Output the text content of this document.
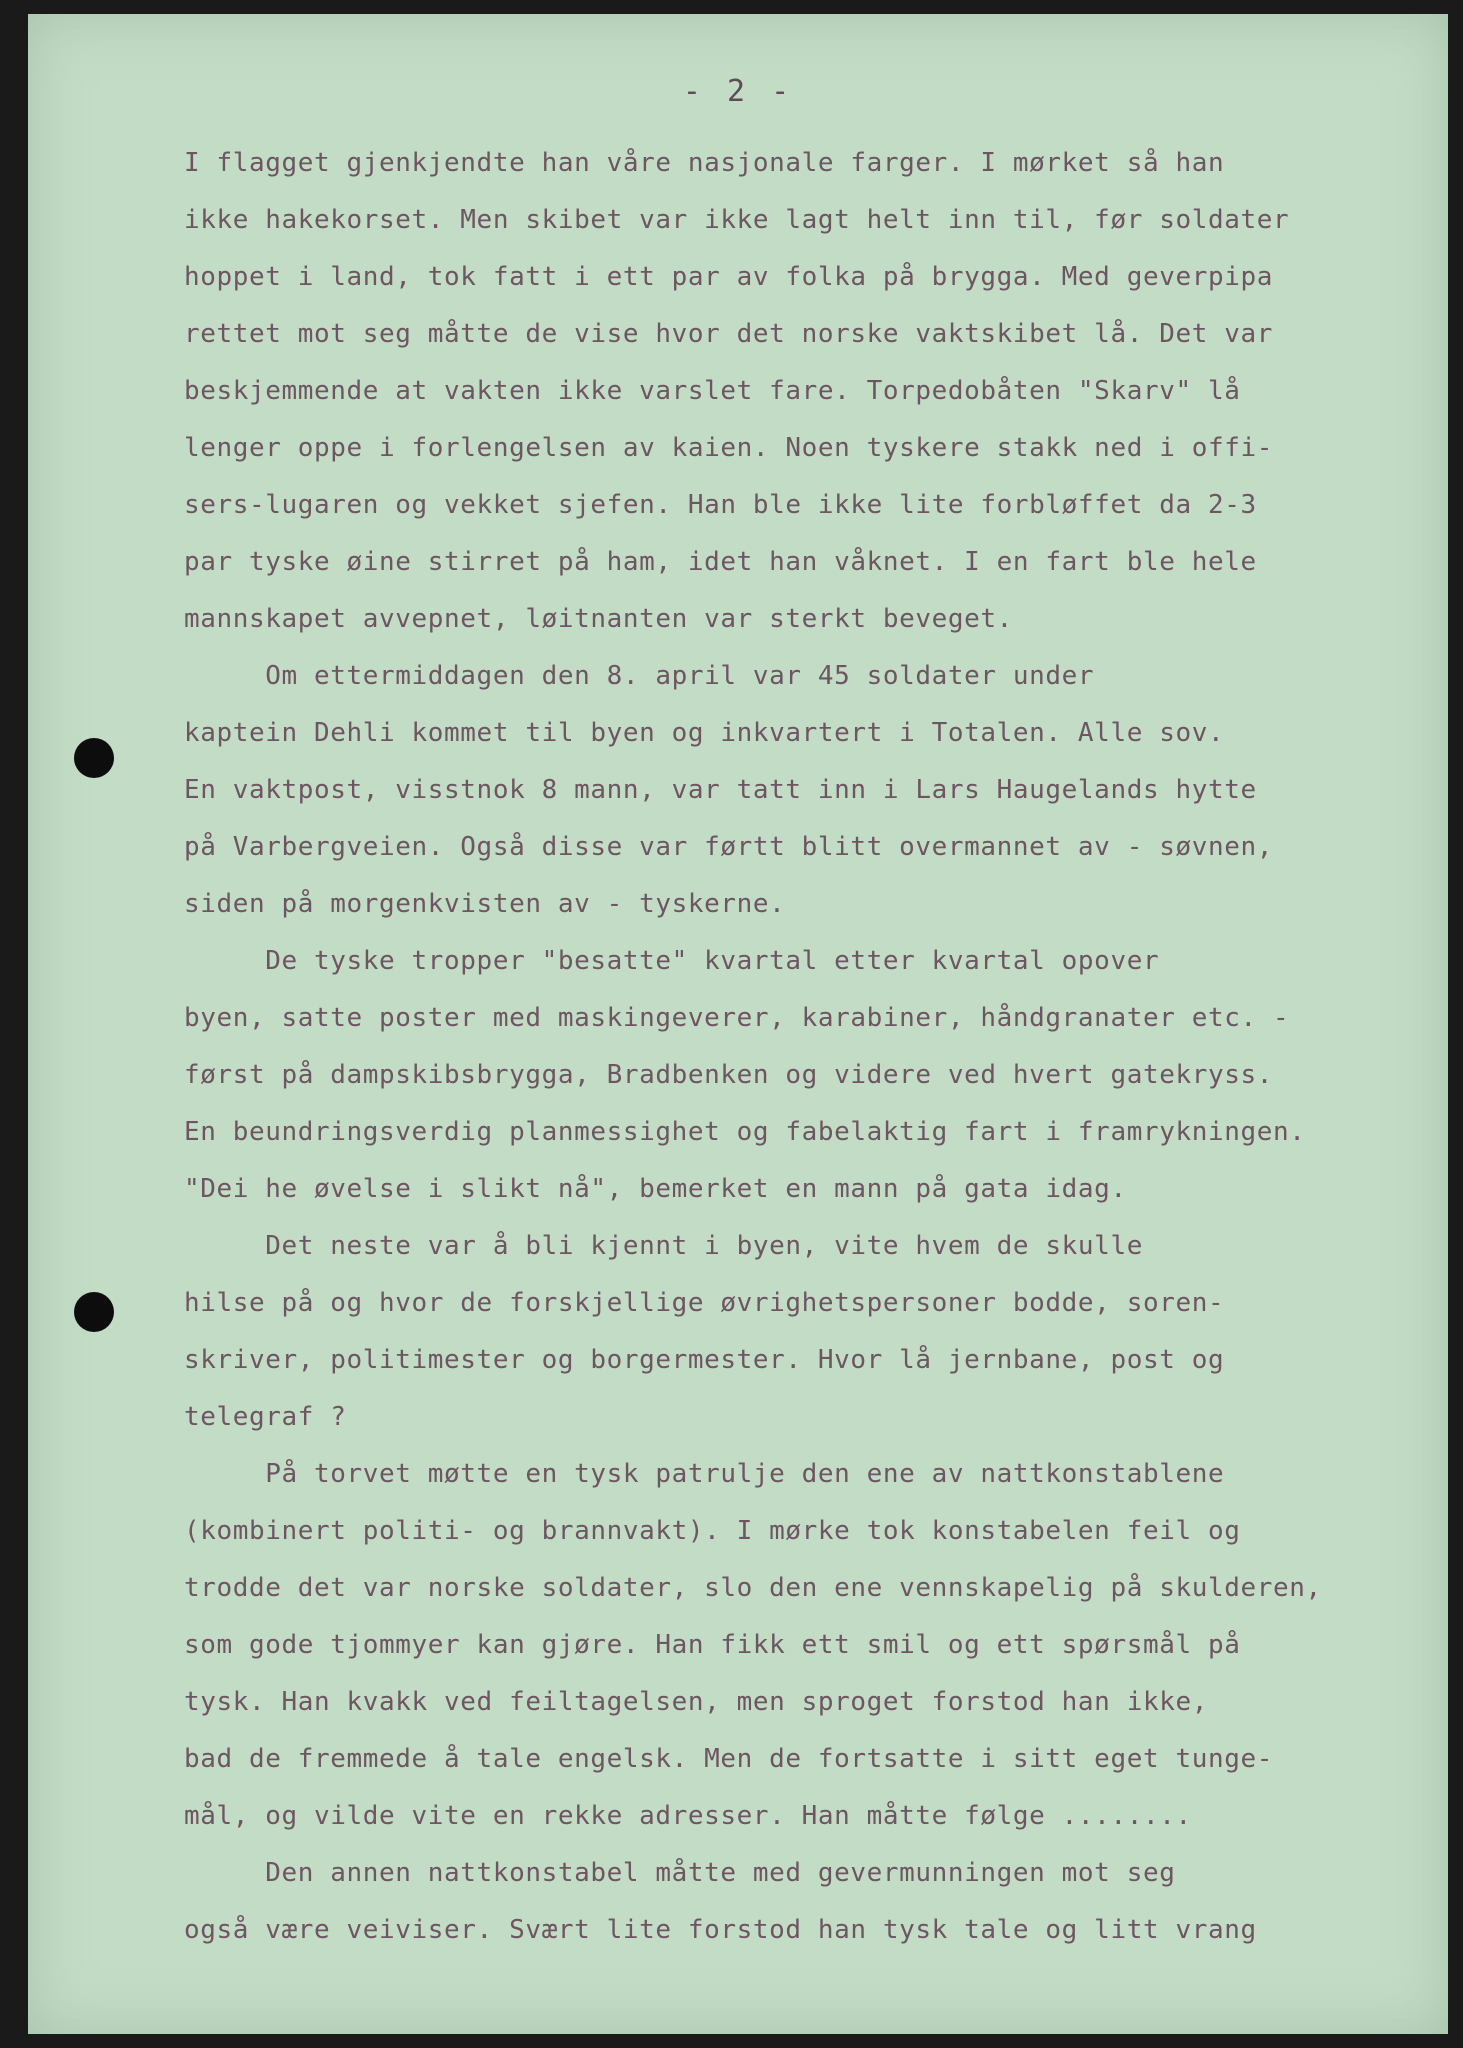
- 2 -
I flagget gjenkjendte han våre nasjonale farger. I mørket så han
ikke hakekorset. Men skibet var ikke lagt helt inn til, før soldater
hoppet i land, tok fatt i ett par av folka på brygga. Med geverpipa
rettet mot seg måtte de vise hvor det norske vaktskibet lå. Det var
beskjemmende at vakten ikke varslet fare. Torpedobåten "Skarv" lå
lenger oppe i forlengelsen av kaien. Noen tyskere stakk ned i offi-
sers-lugaren og vekket sjefen. Han ble ikke lite forbløffet da 2-3
par tyske øine stirret på ham, idet han våknet. I en fart ble hele
mannskapet avvepnet, løitnanten var sterkt beveget.
Om ettermiddagen den 8. april var 45 soldater under
kaptein Dehli kommet til byen og inkvartert i Totalen. Alle sov.
En vaktpost, visstnok 8 mann, var tatt inn i Lars Haugelands hytte
på Varbergveien. Også disse var førtt blitt overmannet av - søvnen,
siden på morgenkvisten av - tyskerne.
De tyske tropper "besatte" kvartal etter kvartal opover
byen, satte poster med maskingeverer, karabiner, håndgranater etc. -
først på dampskibsbrygga, Bradbenken og videre ved hvert gatekryss.
En beundringsverdig planmessighet og fabelaktig fart i framrykningen.
"Dei he øvelse i slikt nå", bemerket en mann på gata idag.
Det neste var å bli kjennt i byen, vite hvem de skulle
hilse på og hvor de forskjellige øvrighetspersoner bodde, soren-
skriver, politimester og borgermester. Hvor lå jernbane, post og
telegraf ?
På torvet møtte en tysk patrulje den ene av nattkonstablene
(kombinert politi- og brannvakt). I mørke tok konstabelen feil og
trodde det var norske soldater, slo den ene vennskapelig på skulderen,
som gode tjommyer kan gjøre. Han fikk ett smil og ett spørsmål på
tysk. Han kvakk ved feiltagelsen, men sproget forstod han ikke,
bad de fremmede å tale engelsk. Men de fortsatte i sitt eget tunge-
mål, og vilde vite en rekke adresser. Han måtte følge ........
Den annen nattkonstabel måtte med gevermunningen mot seg
også være veiviser. Svært lite forstod han tysk tale og litt vrang
